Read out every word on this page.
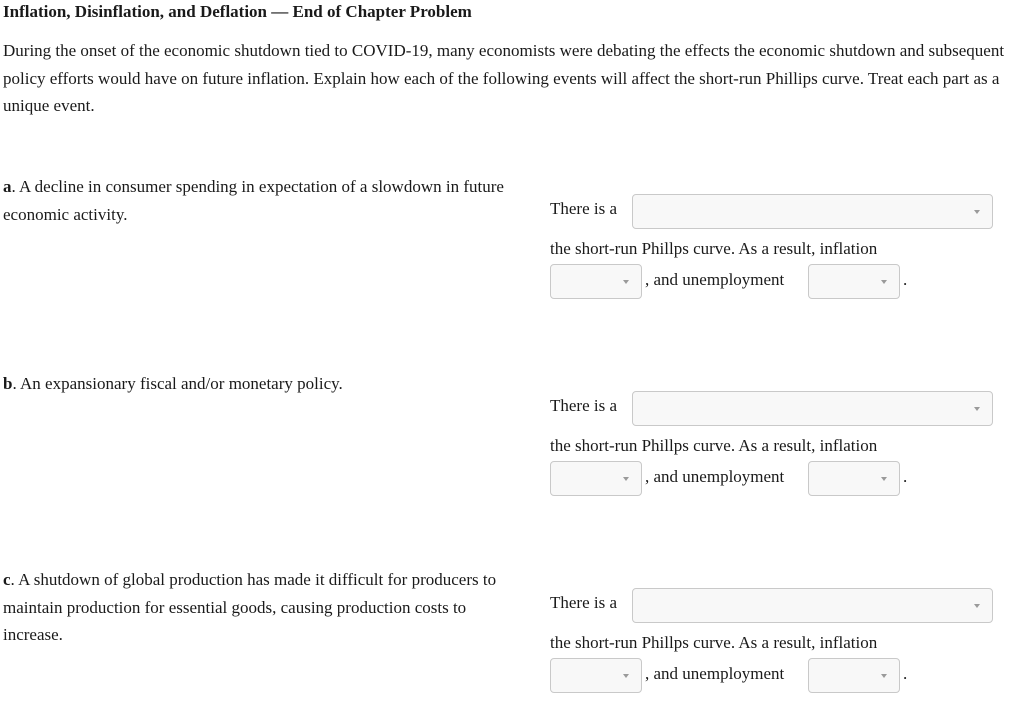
Inflation, Disinflation, and Deflation — End of Chapter Problem
During the onset of the economic shutdown tied to COVID-19, many economists were debating the effects the economic shutdown and subsequent policy efforts would have on future inflation. Explain how each of the following events will affect the short-run Phillips curve. Treat each part as a unique event.
a. A decline in consumer spending in expectation of a slowdown in future economic activity.	There is a
the short-run Phillps curve. As a result, inflation
, and unemployment	.
b. An expansionary fiscal and/or monetary policy.
There is a
the short-run Phillps curve. As a result, inflation
, and unemployment	.
c. A shutdown of global production has made it difficult for producers to maintain production for essential goods, causing production costs to increase.
There is a
the short-run Phillps curve. As a result, inflation
, and unemployment	.
